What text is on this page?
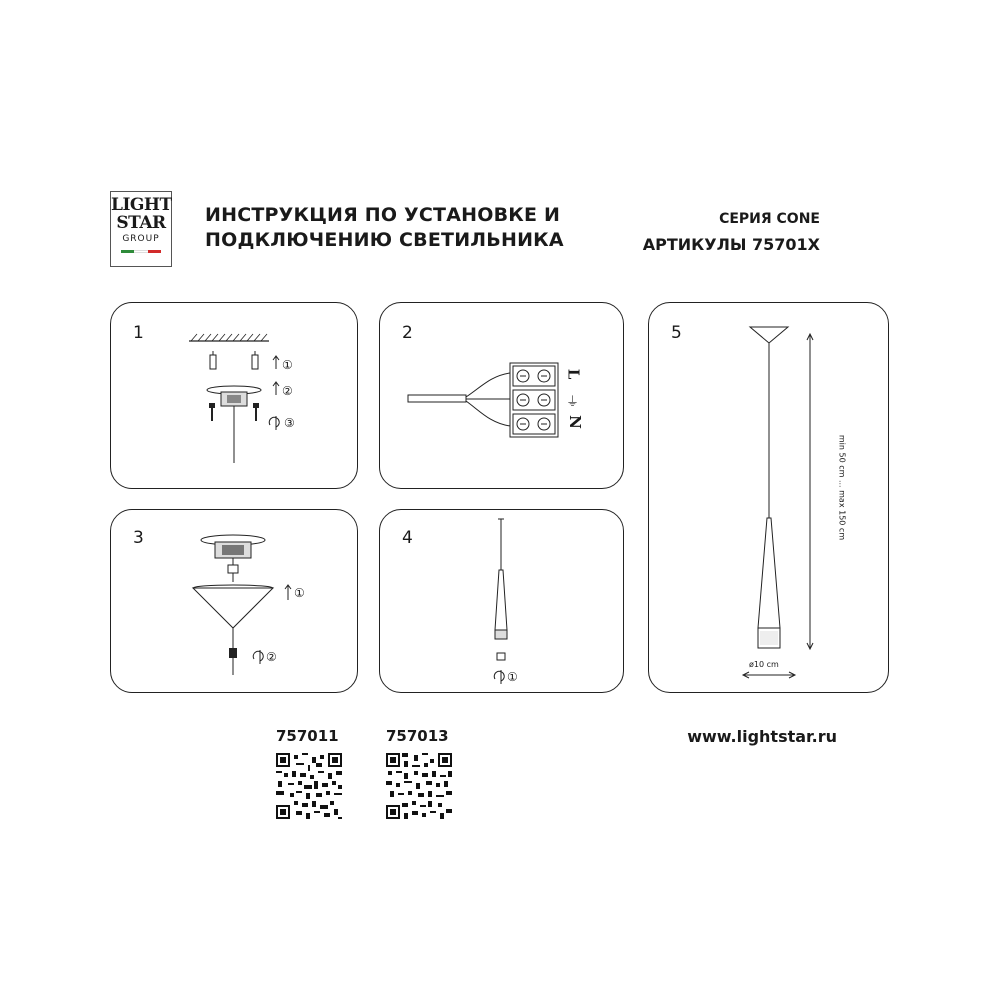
LIGHT
STAR
GROUP
ИНСТРУКЦИЯ ПО УСТАНОВКЕ И
ПОДКЛЮЧЕНИЮ СВЕТИЛЬНИКА
СЕРИЯ CONE
АРТИКУЛЫ 75701X
1
①
②
③
2
L
⏚
N
3
①
②
4
①
5
min 50 cm ... max 150 cm
ø10 cm
757011	757013	www.lightstar.ru
